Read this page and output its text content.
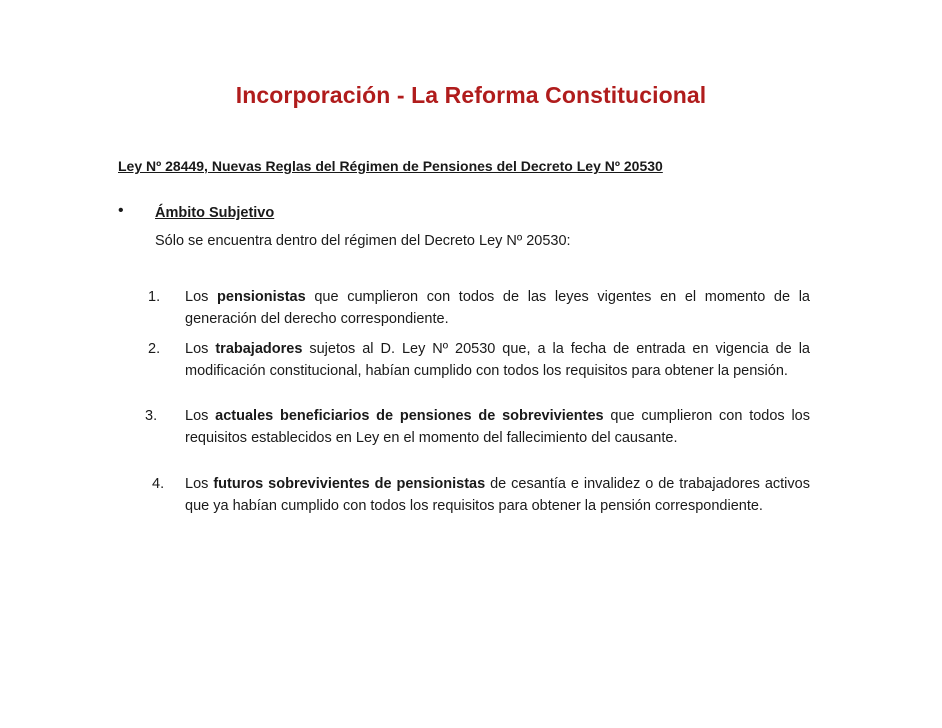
Incorporación - La Reforma Constitucional
Ley Nº 28449, Nuevas Reglas del Régimen de Pensiones del Decreto Ley Nº 20530
• Ámbito Subjetivo
Sólo se encuentra dentro del régimen del Decreto Ley Nº 20530:
1. Los pensionistas que cumplieron con todos de las leyes vigentes en el momento de la generación del derecho correspondiente.
2. Los trabajadores sujetos al D. Ley Nº 20530 que, a la fecha de entrada en vigencia de la modificación constitucional, habían cumplido con todos los requisitos para obtener la pensión.
3. Los actuales beneficiarios de pensiones de sobrevivientes que cumplieron con todos los requisitos establecidos en Ley en el momento del fallecimiento del causante.
4. Los futuros sobrevivientes de pensionistas de cesantía e invalidez o de trabajadores activos que ya habían cumplido con todos los requisitos para obtener la pensión correspondiente.
